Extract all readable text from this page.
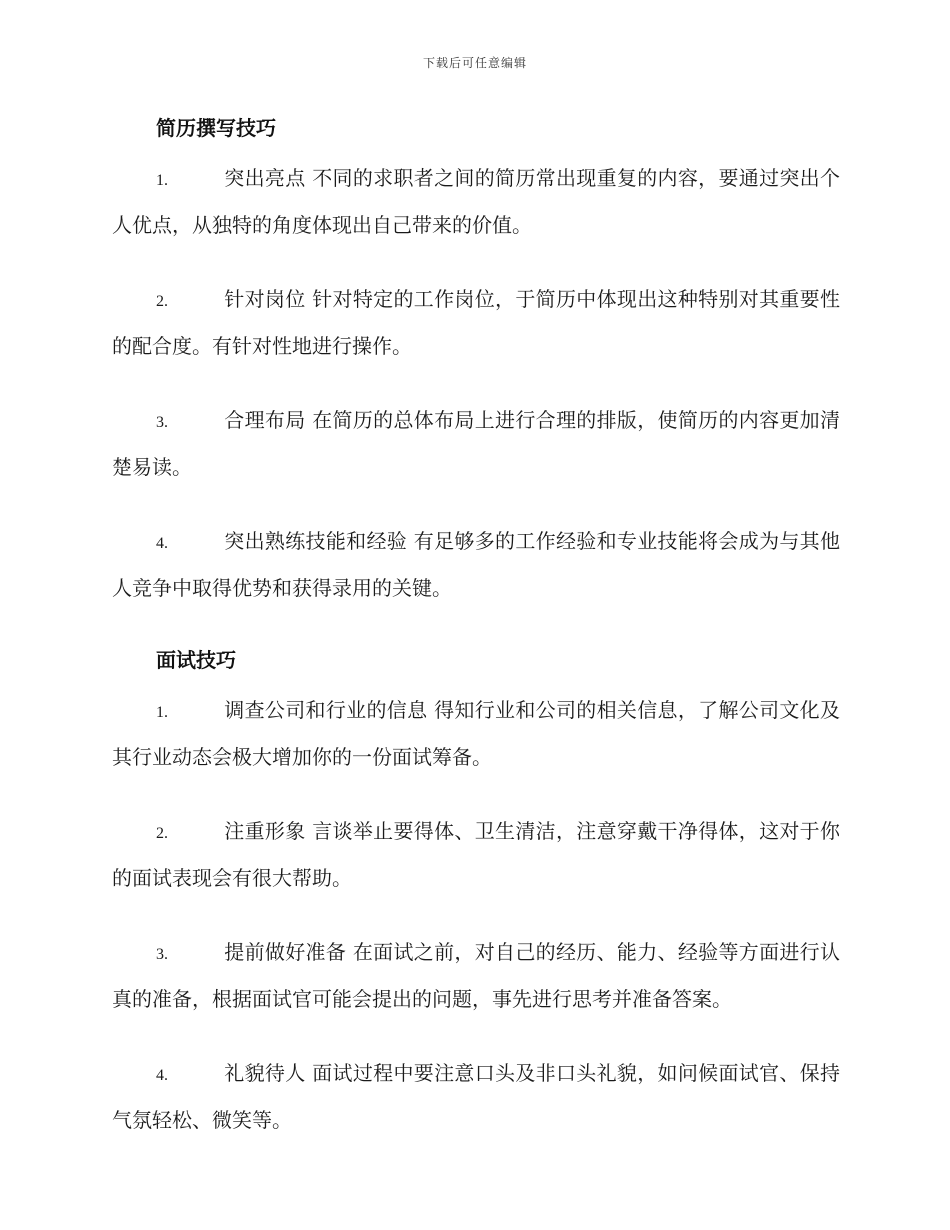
下载后可任意编辑
简历撰写技巧
1.	突出亮点 不同的求职者之间的简历常出现重复的内容，要通过突出个人优点，从独特的角度体现出自己带来的价值。
2.	针对岗位 针对特定的工作岗位，于简历中体现出这种特别对其重要性的配合度。有针对性地进行操作。
3.	合理布局 在简历的总体布局上进行合理的排版，使简历的内容更加清楚易读。
4.	突出熟练技能和经验 有足够多的工作经验和专业技能将会成为与其他人竞争中取得优势和获得录用的关键。
面试技巧
1.	调查公司和行业的信息 得知行业和公司的相关信息，了解公司文化及其行业动态会极大增加你的一份面试筹备。
2.	注重形象 言谈举止要得体、卫生清洁，注意穿戴干净得体，这对于你的面试表现会有很大帮助。
3.	提前做好准备 在面试之前，对自己的经历、能力、经验等方面进行认真的准备，根据面试官可能会提出的问题，事先进行思考并准备答案。
4.	礼貌待人 面试过程中要注意口头及非口头礼貌，如问候面试官、保持气氛轻松、微笑等。
